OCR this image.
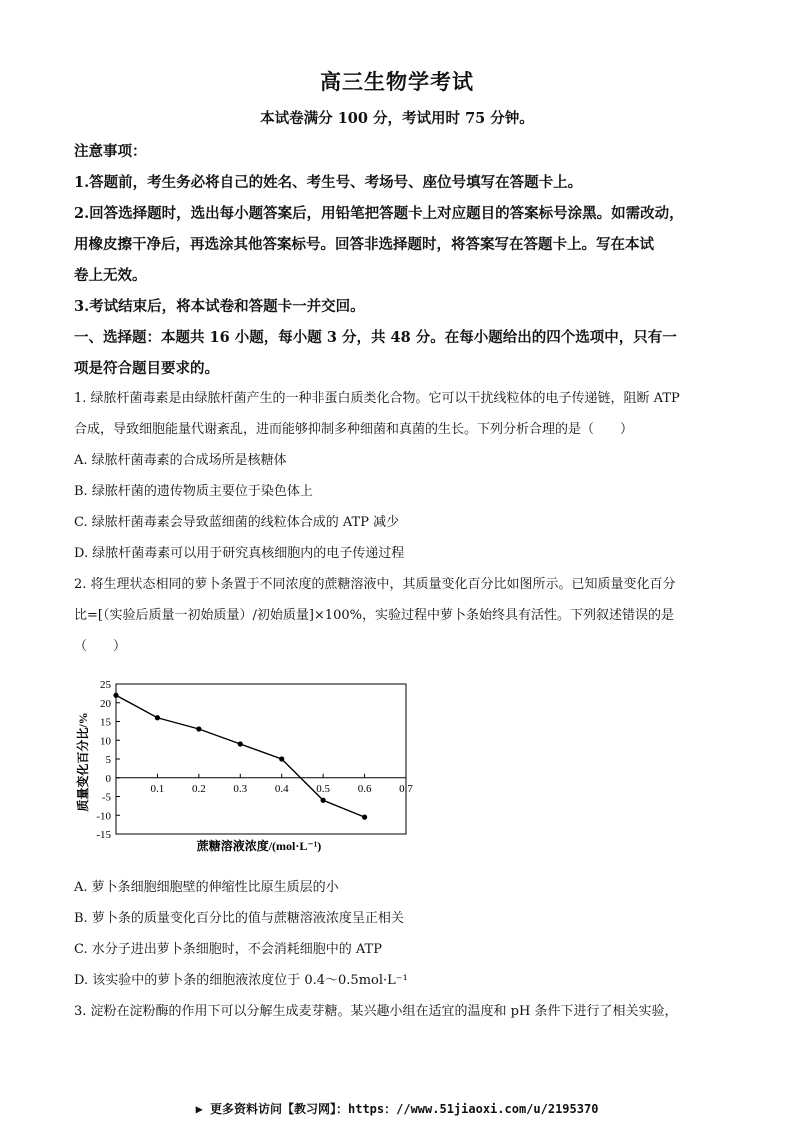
高三生物学考试
本试卷满分 100 分，考试用时 75 分钟。
注意事项：
1.答题前，考生务必将自己的姓名、考生号、考场号、座位号填写在答题卡上。
2.回答选择题时，选出每小题答案后，用铅笔把答题卡上对应题目的答案标号涂黑。如需改动，
用橡皮擦干净后，再选涂其他答案标号。回答非选择题时，将答案写在答题卡上。写在本试
卷上无效。
3.考试结束后，将本试卷和答题卡一并交回。
一、选择题：本题共 16 小题，每小题 3 分，共 48 分。在每小题给出的四个选项中，只有一
项是符合题目要求的。
1. 绿脓杆菌毒素是由绿脓杆菌产生的一种非蛋白质类化合物。它可以干扰线粒体的电子传递链，阻断 ATP
合成，导致细胞能量代谢紊乱，进而能够抑制多种细菌和真菌的生长。下列分析合理的是（　　）
A. 绿脓杆菌毒素的合成场所是核糖体
B. 绿脓杆菌的遗传物质主要位于染色体上
C. 绿脓杆菌毒素会导致蓝细菌的线粒体合成的 ATP 减少
D. 绿脓杆菌毒素可以用于研究真核细胞内的电子传递过程
2. 将生理状态相同的萝卜条置于不同浓度的蔗糖溶液中，其质量变化百分比如图所示。已知质量变化百分
比=[（实验后质量一初始质量）/初始质量]×100%，实验过程中萝卜条始终具有活性。下列叙述错误的是
（　　）
25
20
15
10
5
0
-5
-10
-15
0.1	0.2	0.3	0.4	0.5	0.6	0.7
质量变化百分比/%
蔗糖溶液浓度/(mol·L⁻¹)
A. 萝卜条细胞细胞壁的伸缩性比原生质层的小
B. 萝卜条的质量变化百分比的值与蔗糖溶液浓度呈正相关
C. 水分子进出萝卜条细胞时，不会消耗细胞中的 ATP
D. 该实验中的萝卜条的细胞液浓度位于 0.4～0.5mol·L⁻¹
3. 淀粉在淀粉酶的作用下可以分解生成麦芽糖。某兴趣小组在适宜的温度和 pH 条件下进行了相关实验，
▶ 更多资料访问【教习网】：https：//www.51jiaoxi.com/u/2195370
